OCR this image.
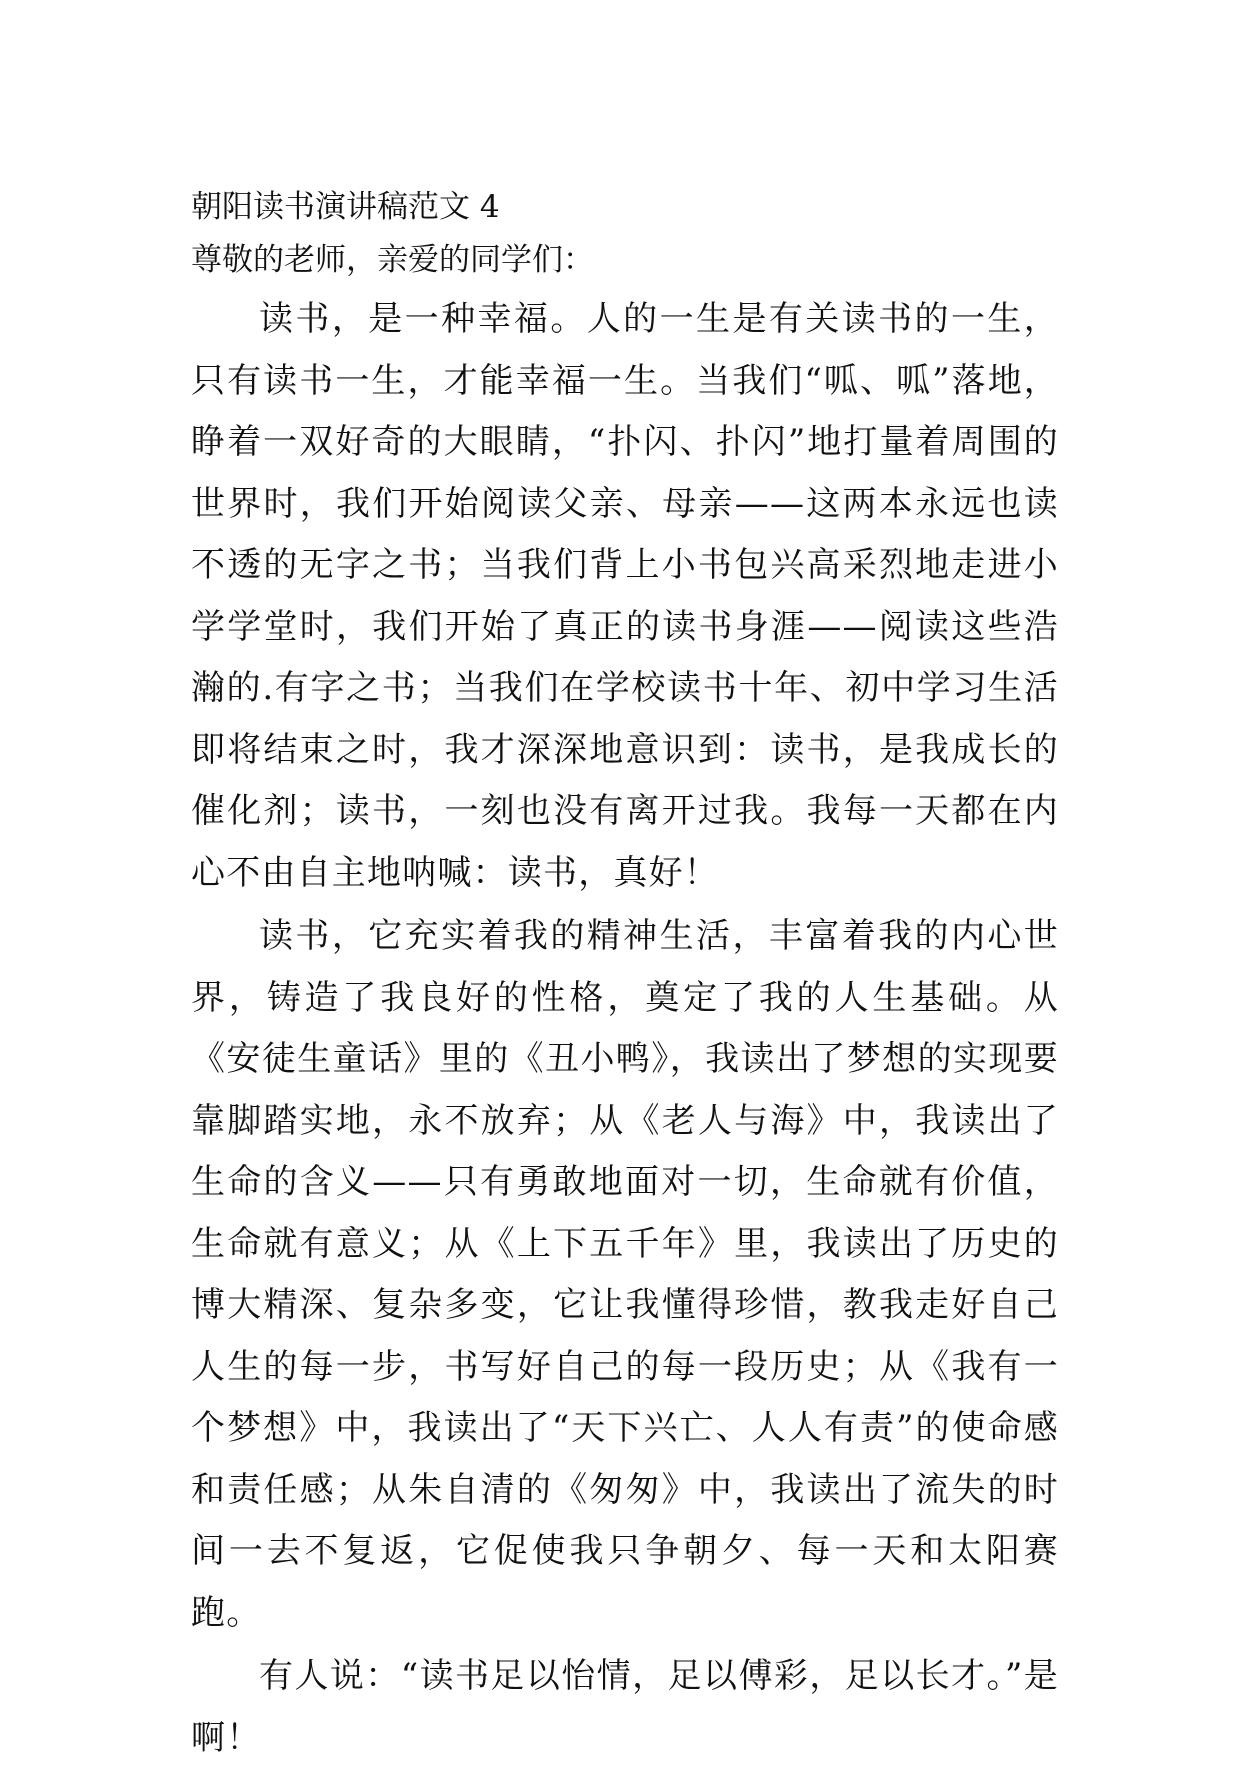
朝阳读书演讲稿范文 4

尊敬的老师，亲爱的同学们：

读书，是一种幸福。人的一生是有关读书的一生，只有读书一生，才能幸福一生。当我们“呱、呱”落地，睁着一双好奇的大眼睛，“扑闪、扑闪”地打量着周围的世界时，我们开始阅读父亲、母亲——这两本永远也读不透的无字之书；当我们背上小书包兴高采烈地走进小学学堂时，我们开始了真正的读书身涯——阅读这些浩瀚的.有字之书；当我们在学校读书十年、初中学习生活即将结束之时，我才深深地意识到：读书，是我成长的催化剂；读书，一刻也没有离开过我。我每一天都在内心不由自主地呐喊：读书，真好！

读书，它充实着我的精神生活，丰富着我的内心世界，铸造了我良好的性格，奠定了我的人生基础。从《安徒生童话》里的《丑小鸭》，我读出了梦想的实现要靠脚踏实地，永不放弃；从《老人与海》中，我读出了生命的含义——只有勇敢地面对一切，生命就有价值，生命就有意义；从《上下五千年》里，我读出了历史的博大精深、复杂多变，它让我懂得珍惜，教我走好自己人生的每一步，书写好自己的每一段历史；从《我有一个梦想》中，我读出了“天下兴亡、人人有责”的使命感和责任感；从朱自清的《匆匆》中，我读出了流失的时间一去不复返，它促使我只争朝夕、每一天和太阳赛跑。

有人说：“读书足以怡情，足以傅彩，足以长才。”是啊！
